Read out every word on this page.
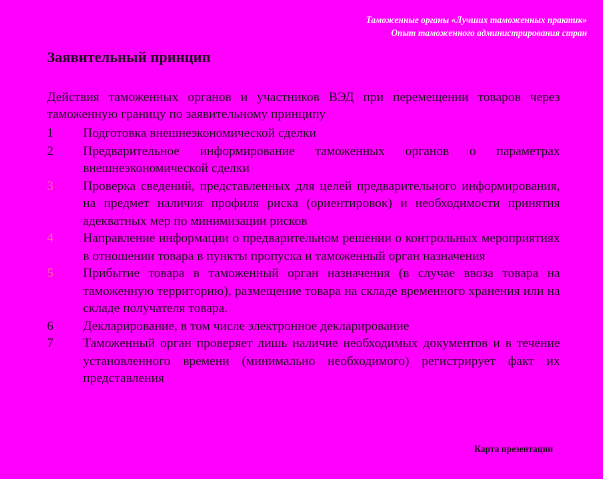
Таможенные органы «Лучших таможенных практик»
Опыт таможенного администрирования стран
Заявительный принцип
Действия таможенных органов и участников ВЭД при перемещении товаров через таможенную границу по заявительному принципу
1	Подготовка внешнеэкономической сделки
2	Предварительное информирование таможенных органов о параметрах внешнеэкономической сделки
3	Проверка сведений, представленных для целей предварительного информирования, на предмет наличия профиля риска (ориентировок) и необходимости принятия адекватных мер по минимизации рисков
4	Направление информации о предварительном решении о контрольных мероприятиях в отношении товара в пункты пропуска и таможенный орган назначения
5	Прибытие товара в таможенный орган назначения (в случае ввоза товара на таможенную территорию), размещение товара на складе временного хранения или на складе получателя товара.
6	Декларирование, в том числе электронное декларирование
7	Таможенный орган проверяет лишь наличие необходимых документов и в течение установленного времени (минимально необходимого) регистрирует факт их представления
Карта презентации
